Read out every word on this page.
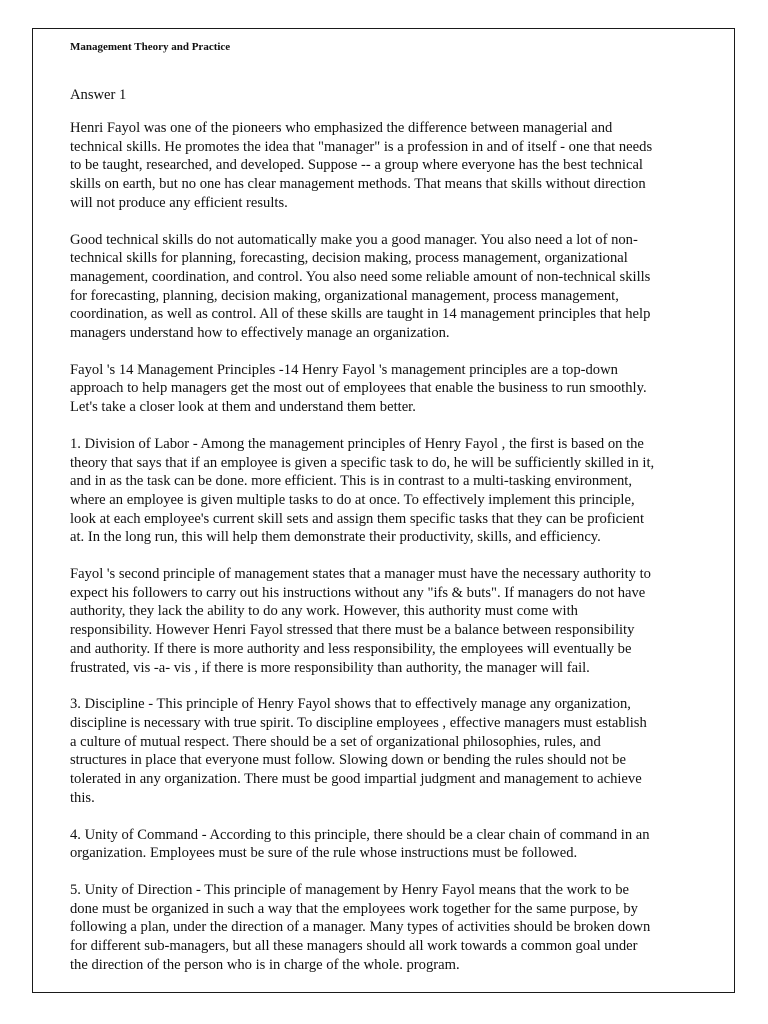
Management Theory and Practice

Answer 1

Henri Fayol was one of the pioneers who emphasized the difference between managerial and
technical skills. He promotes the idea that "manager" is a profession in and of itself - one that needs
to be taught, researched, and developed. Suppose -- a group where everyone has the best technical
skills on earth, but no one has clear management methods. That means that skills without direction
will not produce any efficient results.

Good technical skills do not automatically make you a good manager. You also need a lot of non-
technical skills for planning, forecasting, decision making, process management, organizational
management, coordination, and control. You also need some reliable amount of non-technical skills
for forecasting, planning, decision making, organizational management, process management,
coordination, as well as control. All of these skills are taught in 14 management principles that help
managers understand how to effectively manage an organization.

Fayol 's 14 Management Principles -14 Henry Fayol 's management principles are a top-down
approach to help managers get the most out of employees that enable the business to run smoothly.
Let's take a closer look at them and understand them better.

1. Division of Labor - Among the management principles of Henry Fayol , the first is based on the
theory that says that if an employee is given a specific task to do, he will be sufficiently skilled in it,
and in as the task can be done. more efficient. This is in contrast to a multi-tasking environment,
where an employee is given multiple tasks to do at once. To effectively implement this principle,
look at each employee's current skill sets and assign them specific tasks that they can be proficient
at. In the long run, this will help them demonstrate their productivity, skills, and efficiency.

Fayol 's second principle of management states that a manager must have the necessary authority to
expect his followers to carry out his instructions without any "ifs & buts". If managers do not have
authority, they lack the ability to do any work. However, this authority must come with
responsibility. However Henri Fayol stressed that there must be a balance between responsibility
and authority. If there is more authority and less responsibility, the employees will eventually be
frustrated, vis -a- vis , if there is more responsibility than authority, the manager will fail.

3. Discipline - This principle of Henry Fayol shows that to effectively manage any organization,
discipline is necessary with true spirit. To discipline employees , effective managers must establish
a culture of mutual respect. There should be a set of organizational philosophies, rules, and
structures in place that everyone must follow. Slowing down or bending the rules should not be
tolerated in any organization. There must be good impartial judgment and management to achieve
this.

4. Unity of Command - According to this principle, there should be a clear chain of command in an
organization. Employees must be sure of the rule whose instructions must be followed.

5. Unity of Direction - This principle of management by Henry Fayol means that the work to be
done must be organized in such a way that the employees work together for the same purpose, by
following a plan, under the direction of a manager. Many types of activities should be broken down
for different sub-managers, but all these managers should all work towards a common goal under
the direction of the person who is in charge of the whole. program.
